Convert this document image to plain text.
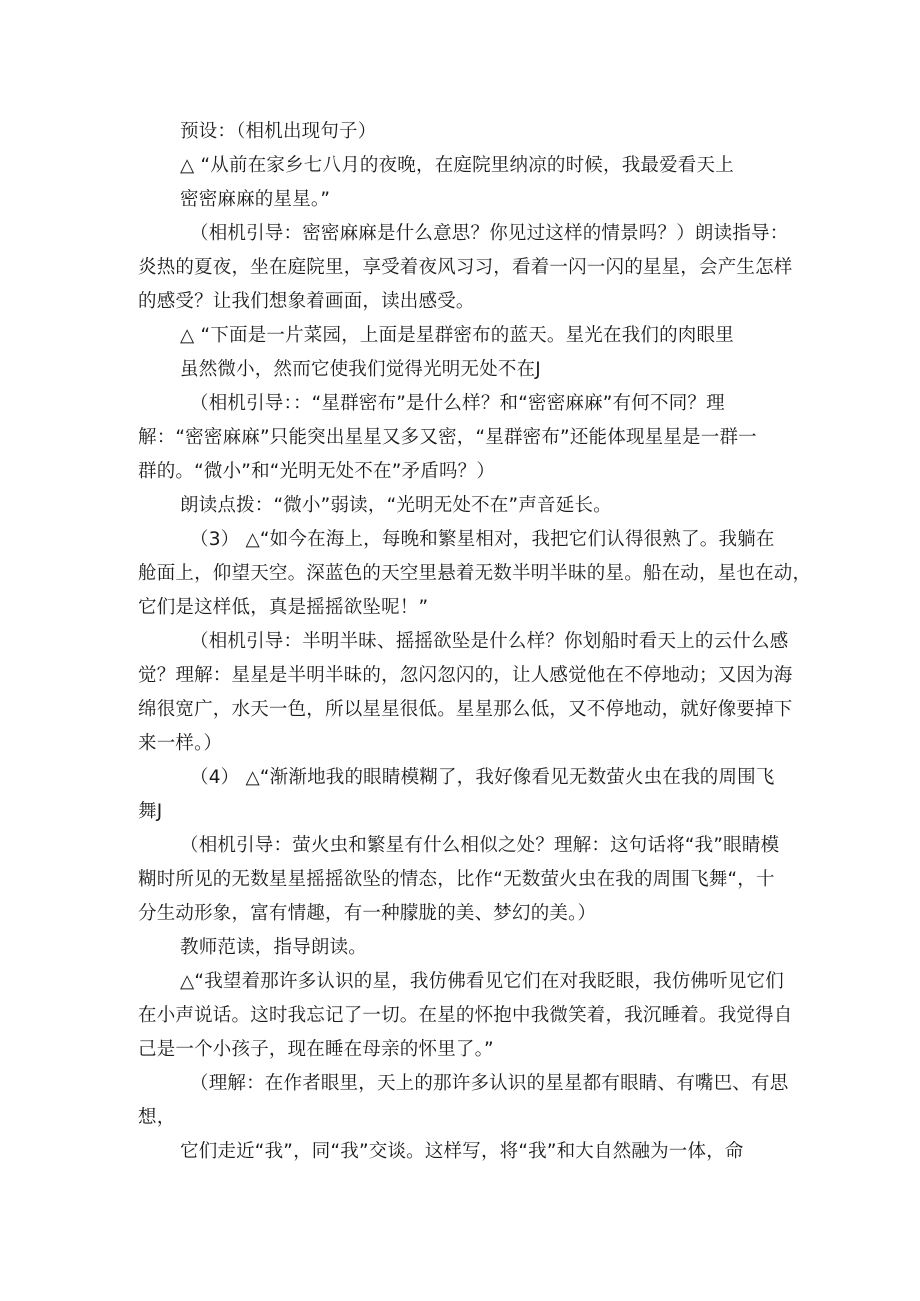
预设：（相机出现句子）
△ “从前在家乡七八月的夜晚，在庭院里纳凉的时候，我最爱看天上
密密麻麻的星星。”
（相机引导：密密麻麻是什么意思？你见过这样的情景吗？）朗读指导：
炎热的夏夜，坐在庭院里，享受着夜风习习，看着一闪一闪的星星，会产生怎样
的感受？让我们想象着画面，读出感受。
△ “下面是一片菜园，上面是星群密布的蓝天。星光在我们的肉眼里
虽然微小，然而它使我们觉得光明无处不在J
（相机引导：：“星群密布”是什么样？和“密密麻麻”有何不同？理
解：“密密麻麻”只能突出星星又多又密，“星群密布”还能体现星星是一群一
群的。“微小”和“光明无处不在”矛盾吗？）
朗读点拨：“微小”弱读，“光明无处不在”声音延长。
（3） △“如今在海上，每晚和繁星相对，我把它们认得很熟了。我躺在
舱面上，仰望天空。深蓝色的天空里悬着无数半明半昧的星。船在动，星也在动，
它们是这样低，真是摇摇欲坠呢！”
（相机引导：半明半昧、摇摇欲坠是什么样？你划船时看天上的云什么感
觉？理解：星星是半明半昧的，忽闪忽闪的，让人感觉他在不停地动；又因为海
绵很宽广，水天一色，所以星星很低。星星那么低，又不停地动，就好像要掉下
来一样。）
（4） △“渐渐地我的眼睛模糊了，我好像看见无数萤火虫在我的周围飞
舞J
（相机引导：萤火虫和繁星有什么相似之处？理解：这句话将“我”眼睛模
糊时所见的无数星星摇摇欲坠的情态，比作“无数萤火虫在我的周围飞舞“，十
分生动形象，富有情趣，有一种朦胧的美、梦幻的美。）
教师范读，指导朗读。
△“我望着那许多认识的星，我仿佛看见它们在对我眨眼，我仿佛听见它们
在小声说话。这时我忘记了一切。在星的怀抱中我微笑着，我沉睡着。我觉得自
己是一个小孩子，现在睡在母亲的怀里了。”
（理解：在作者眼里，天上的那许多认识的星星都有眼睛、有嘴巴、有思
想，
它们走近“我”，同“我”交谈。这样写，将“我”和大自然融为一体，命
